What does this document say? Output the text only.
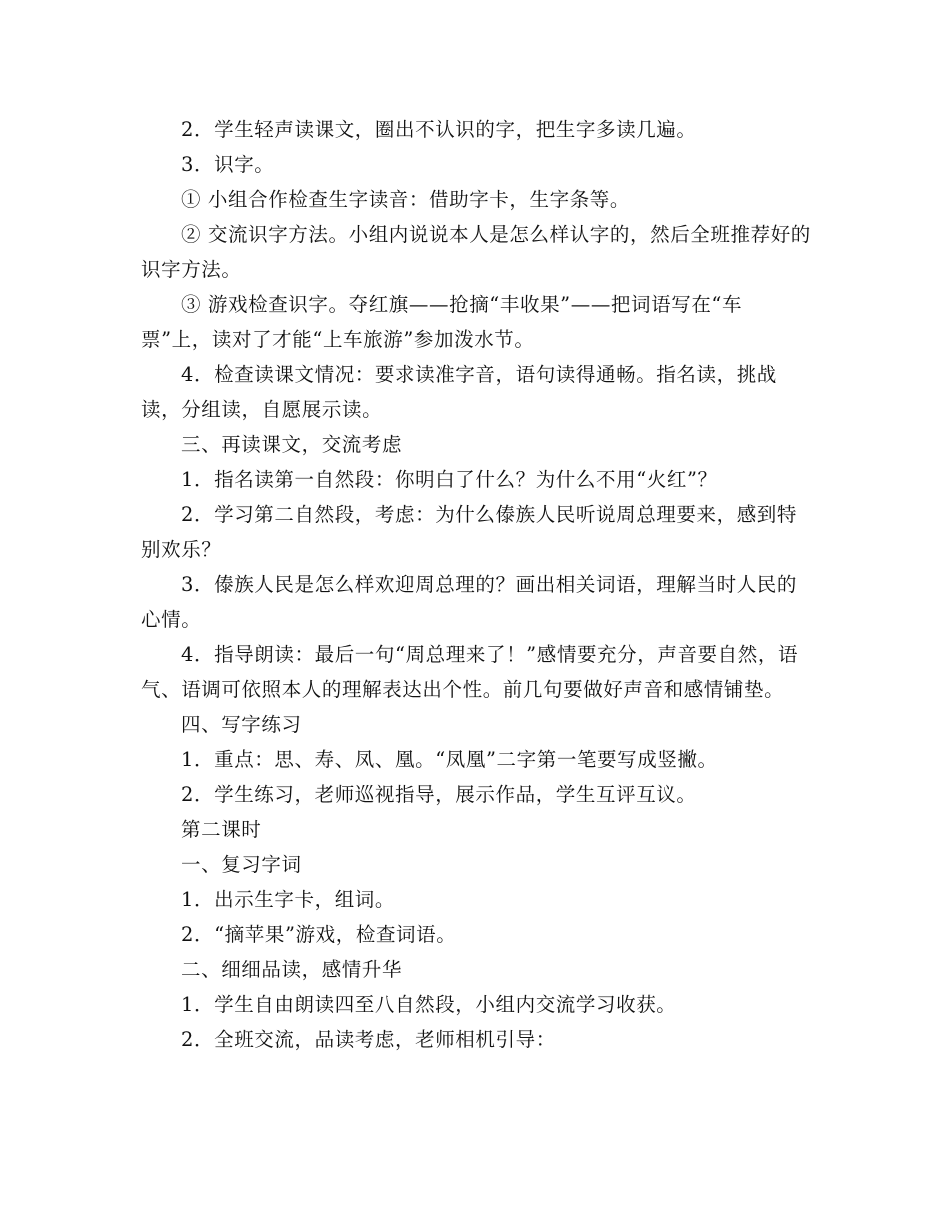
2．学生轻声读课文，圈出不认识的字，把生字多读几遍。

3．识字。

① 小组合作检查生字读音：借助字卡，生字条等。

② 交流识字方法。小组内说说本人是怎么样认字的，然后全班推荐好的识字方法。

③ 游戏检查识字。夺红旗——抢摘“丰收果”——把词语写在“车票”上，读对了才能“上车旅游”参加泼水节。

4．检查读课文情况：要求读准字音，语句读得通畅。指名读，挑战读，分组读，自愿展示读。

三、再读课文，交流考虑

1．指名读第一自然段：你明白了什么？为什么不用“火红”？

2．学习第二自然段，考虑：为什么傣族人民听说周总理要来，感到特别欢乐？

3．傣族人民是怎么样欢迎周总理的？画出相关词语，理解当时人民的心情。

4．指导朗读：最后一句“周总理来了！”感情要充分，声音要自然，语气、语调可依照本人的理解表达出个性。前几句要做好声音和感情铺垫。

四、写字练习

1．重点：思、寿、凤、凰。“凤凰”二字第一笔要写成竖撇。

2．学生练习，老师巡视指导，展示作品，学生互评互议。

第二课时

一、复习字词

1．出示生字卡，组词。

2．“摘苹果”游戏，检查词语。

二、细细品读，感情升华

1．学生自由朗读四至八自然段，小组内交流学习收获。

2．全班交流，品读考虑，老师相机引导：
